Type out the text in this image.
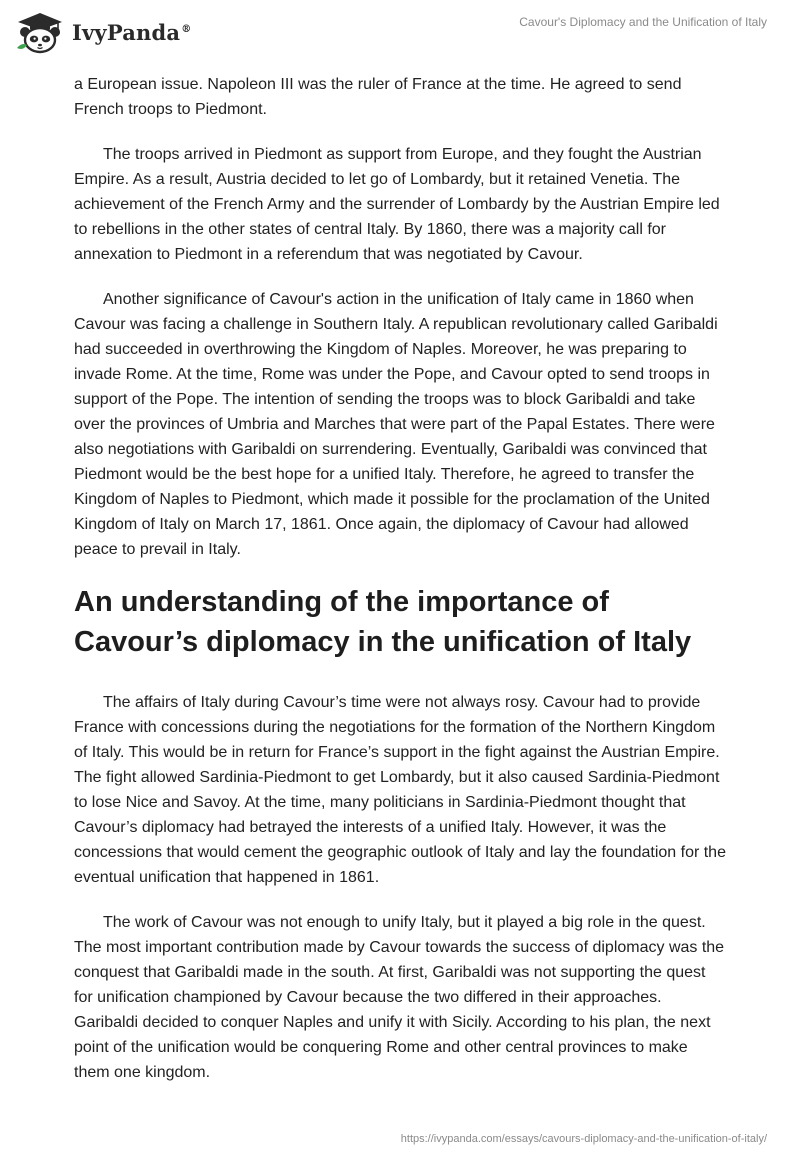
IvyPanda®	Cavour's Diplomacy and the Unification of Italy

a European issue. Napoleon III was the ruler of France at the time. He agreed to send French troops to Piedmont.

The troops arrived in Piedmont as support from Europe, and they fought the Austrian Empire. As a result, Austria decided to let go of Lombardy, but it retained Venetia. The achievement of the French Army and the surrender of Lombardy by the Austrian Empire led to rebellions in the other states of central Italy. By 1860, there was a majority call for annexation to Piedmont in a referendum that was negotiated by Cavour.

Another significance of Cavour's action in the unification of Italy came in 1860 when Cavour was facing a challenge in Southern Italy. A republican revolutionary called Garibaldi had succeeded in overthrowing the Kingdom of Naples. Moreover, he was preparing to invade Rome. At the time, Rome was under the Pope, and Cavour opted to send troops in support of the Pope. The intention of sending the troops was to block Garibaldi and take over the provinces of Umbria and Marches that were part of the Papal Estates. There were also negotiations with Garibaldi on surrendering. Eventually, Garibaldi was convinced that Piedmont would be the best hope for a unified Italy. Therefore, he agreed to transfer the Kingdom of Naples to Piedmont, which made it possible for the proclamation of the United Kingdom of Italy on March 17, 1861. Once again, the diplomacy of Cavour had allowed peace to prevail in Italy.

An understanding of the importance of Cavour’s diplomacy in the unification of Italy

The affairs of Italy during Cavour’s time were not always rosy. Cavour had to provide France with concessions during the negotiations for the formation of the Northern Kingdom of Italy. This would be in return for France’s support in the fight against the Austrian Empire. The fight allowed Sardinia-Piedmont to get Lombardy, but it also caused Sardinia-Piedmont to lose Nice and Savoy. At the time, many politicians in Sardinia-Piedmont thought that Cavour’s diplomacy had betrayed the interests of a unified Italy. However, it was the concessions that would cement the geographic outlook of Italy and lay the foundation for the eventual unification that happened in 1861.

The work of Cavour was not enough to unify Italy, but it played a big role in the quest. The most important contribution made by Cavour towards the success of diplomacy was the conquest that Garibaldi made in the south. At first, Garibaldi was not supporting the quest for unification championed by Cavour because the two differed in their approaches. Garibaldi decided to conquer Naples and unify it with Sicily. According to his plan, the next point of the unification would be conquering Rome and other central provinces to make them one kingdom.

https://ivypanda.com/essays/cavours-diplomacy-and-the-unification-of-italy/
